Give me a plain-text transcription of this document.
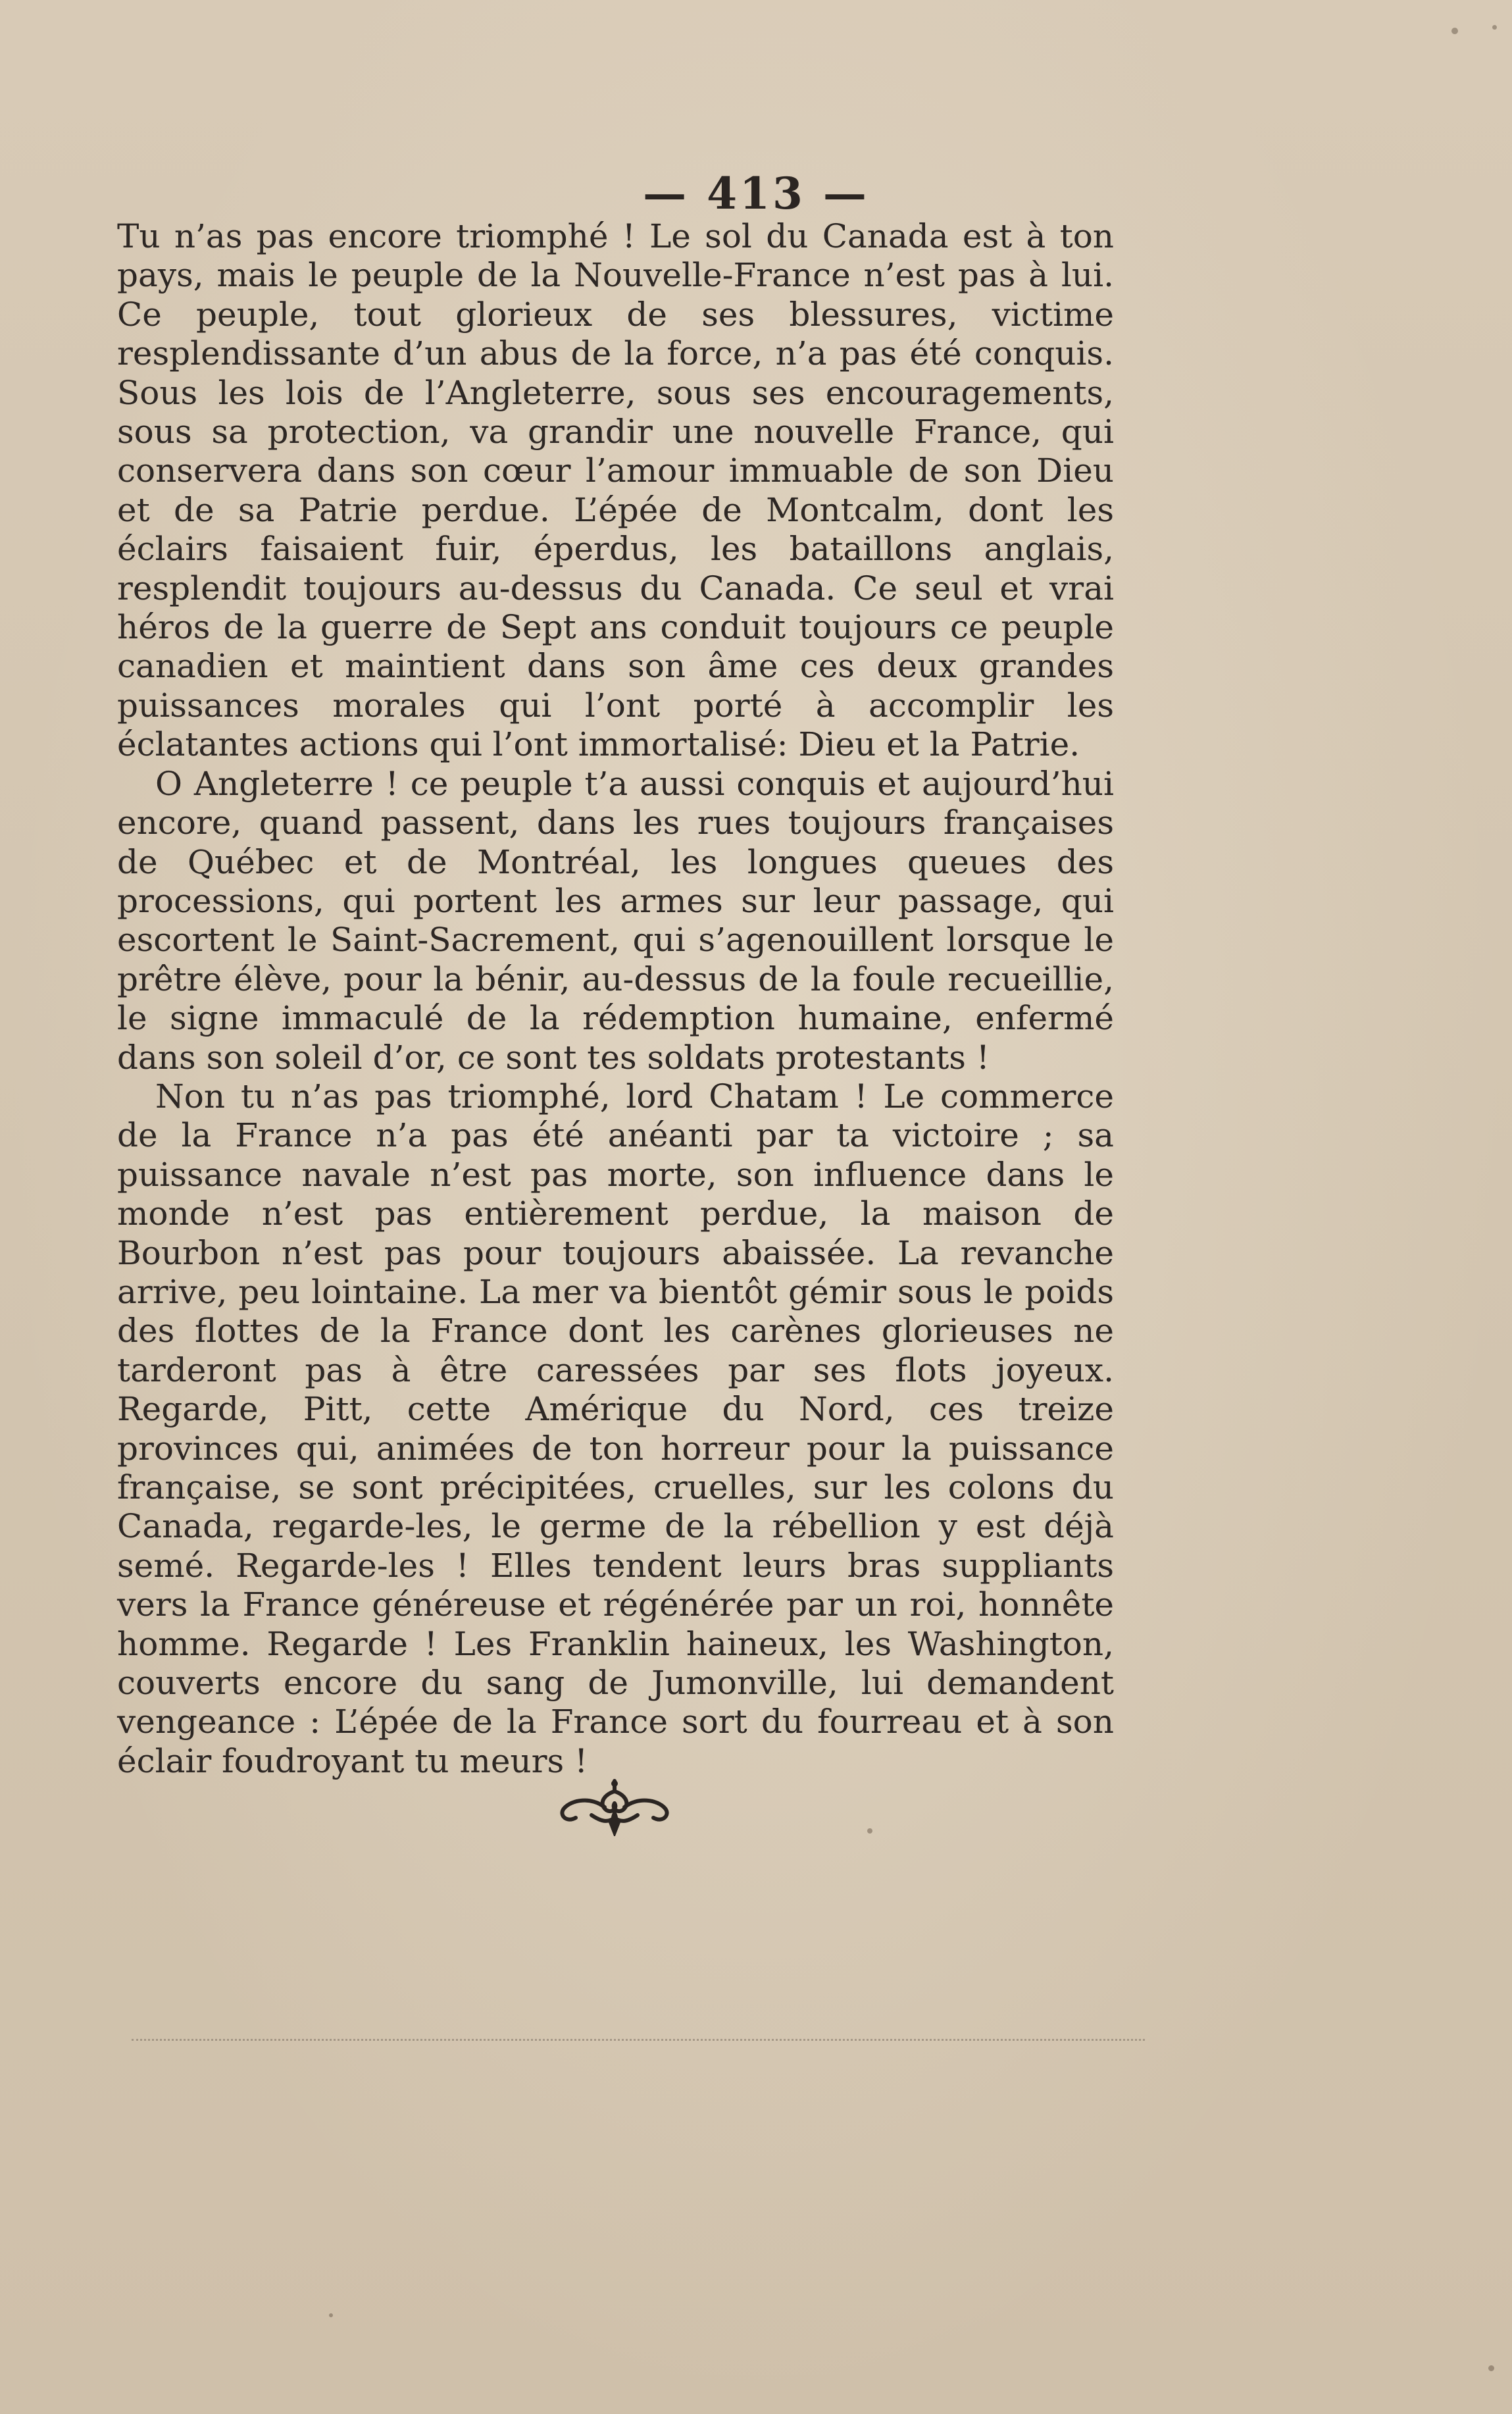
— 413 —

Tu n’as pas encore triomphé ! Le sol du Canada est à ton pays, mais le peuple de la Nouvelle-France n’est pas à lui. Ce peuple, tout glorieux de ses blessures, victime resplendissante d’un abus de la force, n’a pas été conquis. Sous les lois de l’Angleterre, sous ses encouragements, sous sa protection, va grandir une nouvelle France, qui conservera dans son cœur l’amour immuable de son Dieu et de sa Patrie perdue. L’épée de Montcalm, dont les éclairs faisaient fuir, éperdus, les bataillons anglais, resplendit toujours au-dessus du Canada. Ce seul et vrai héros de la guerre de Sept ans conduit toujours ce peuple canadien et maintient dans son âme ces deux grandes puissances morales qui l’ont porté à accomplir les éclatantes actions qui l’ont immortalisé: Dieu et la Patrie.

O Angleterre ! ce peuple t’a aussi conquis et aujourd’hui encore, quand passent, dans les rues toujours françaises de Québec et de Montréal, les longues queues des processions, qui portent les armes sur leur passage, qui escortent le Saint-Sacrement, qui s’agenouillent lorsque le prêtre élève, pour la bénir, au-dessus de la foule recueillie, le signe immaculé de la rédemption humaine, enfermé dans son soleil d’or, ce sont tes soldats protestants !

Non tu n’as pas triomphé, lord Chatam ! Le commerce de la France n’a pas été anéanti par ta victoire ; sa puissance navale n’est pas morte, son influence dans le monde n’est pas entièrement perdue, la maison de Bourbon n’est pas pour toujours abaissée. La revanche arrive, peu lointaine. La mer va bientôt gémir sous le poids des flottes de la France dont les carènes glorieuses ne tarderont pas à être caressées par ses flots joyeux. Regarde, Pitt, cette Amérique du Nord, ces treize provinces qui, animées de ton horreur pour la puissance française, se sont précipitées, cruelles, sur les colons du Canada, regarde-les, le germe de la rébellion y est déjà semé. Regarde-les ! Elles tendent leurs bras suppliants vers la France généreuse et régénérée par un roi, honnête homme. Regarde ! Les Franklin haineux, les Washington, couverts encore du sang de Jumonville, lui demandent vengeance : L’épée de la France sort du fourreau et à son éclair foudroyant tu meurs !
